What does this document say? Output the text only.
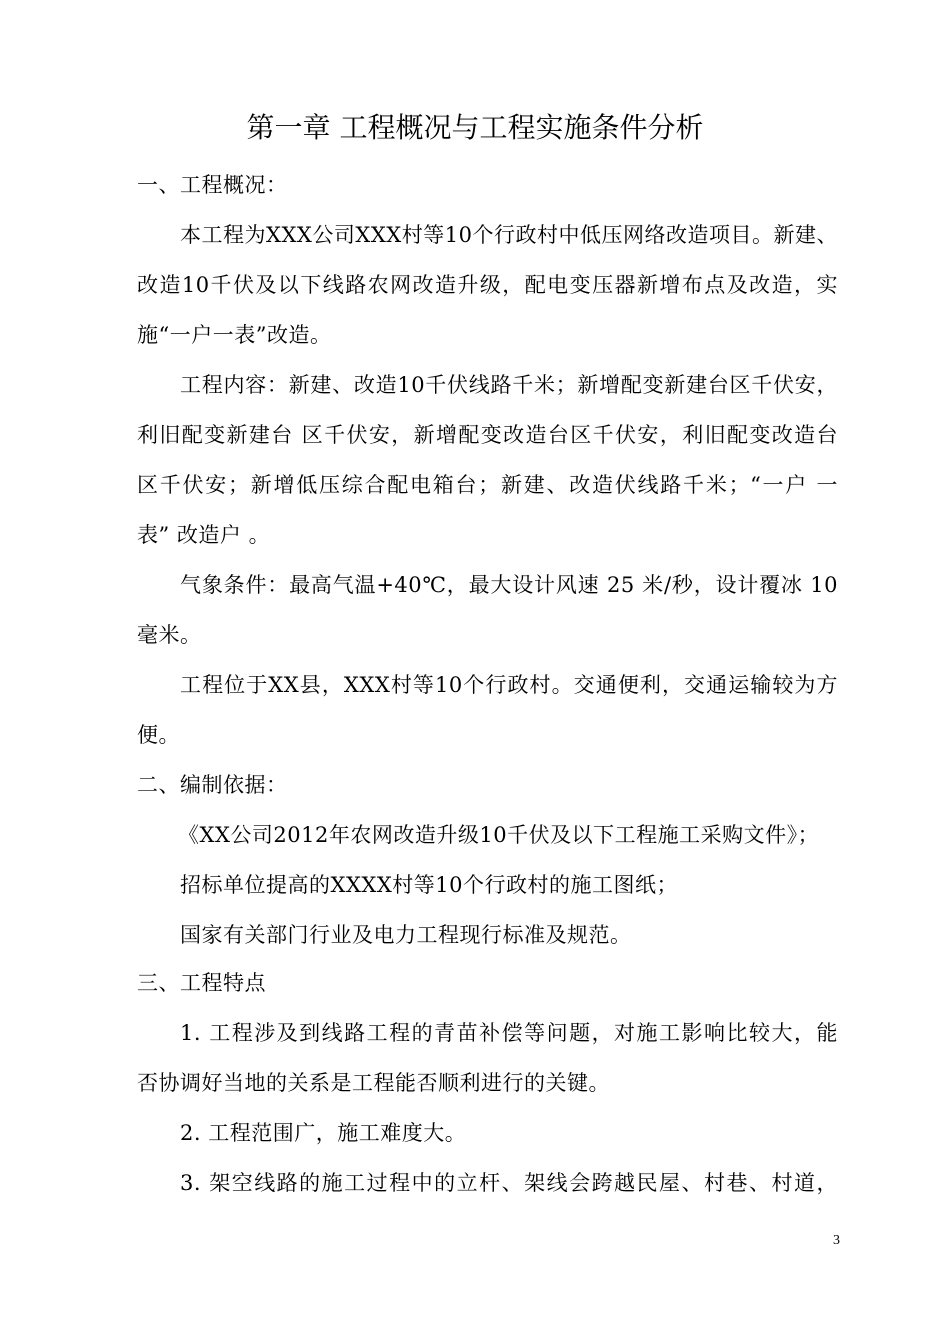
第一章 工程概况与工程实施条件分析
一、工程概况：
本工程为XXX公司XXX村等10个行政村中低压网络改造项目。新建、
改造10千伏及以下线路农网改造升级，配电变压器新增布点及改造，实
施“一户一表”改造。
工程内容：新建、改造10千伏线路千米；新增配变新建台区千伏安，
利旧配变新建台 区千伏安，新增配变改造台区千伏安，利旧配变改造台
区千伏安；新增低压综合配电箱台；新建、改造伏线路千米；“一户 一
表” 改造户 。
气象条件：最高气温+40℃，最大设计风速 25 米/秒，设计覆冰 10
毫米。
工程位于XX县，XXX村等10个行政村。交通便利，交通运输较为方
便。
二、编制依据：
《XX公司2012年农网改造升级10千伏及以下工程施工采购文件》；
招标单位提高的XXXX村等10个行政村的施工图纸；
国家有关部门行业及电力工程现行标准及规范。
三、工程特点
1. 工程涉及到线路工程的青苗补偿等问题，对施工影响比较大，能
否协调好当地的关系是工程能否顺利进行的关键。
2. 工程范围广，施工难度大。
3. 架空线路的施工过程中的立杆、架线会跨越民屋、村巷、村道，
3
